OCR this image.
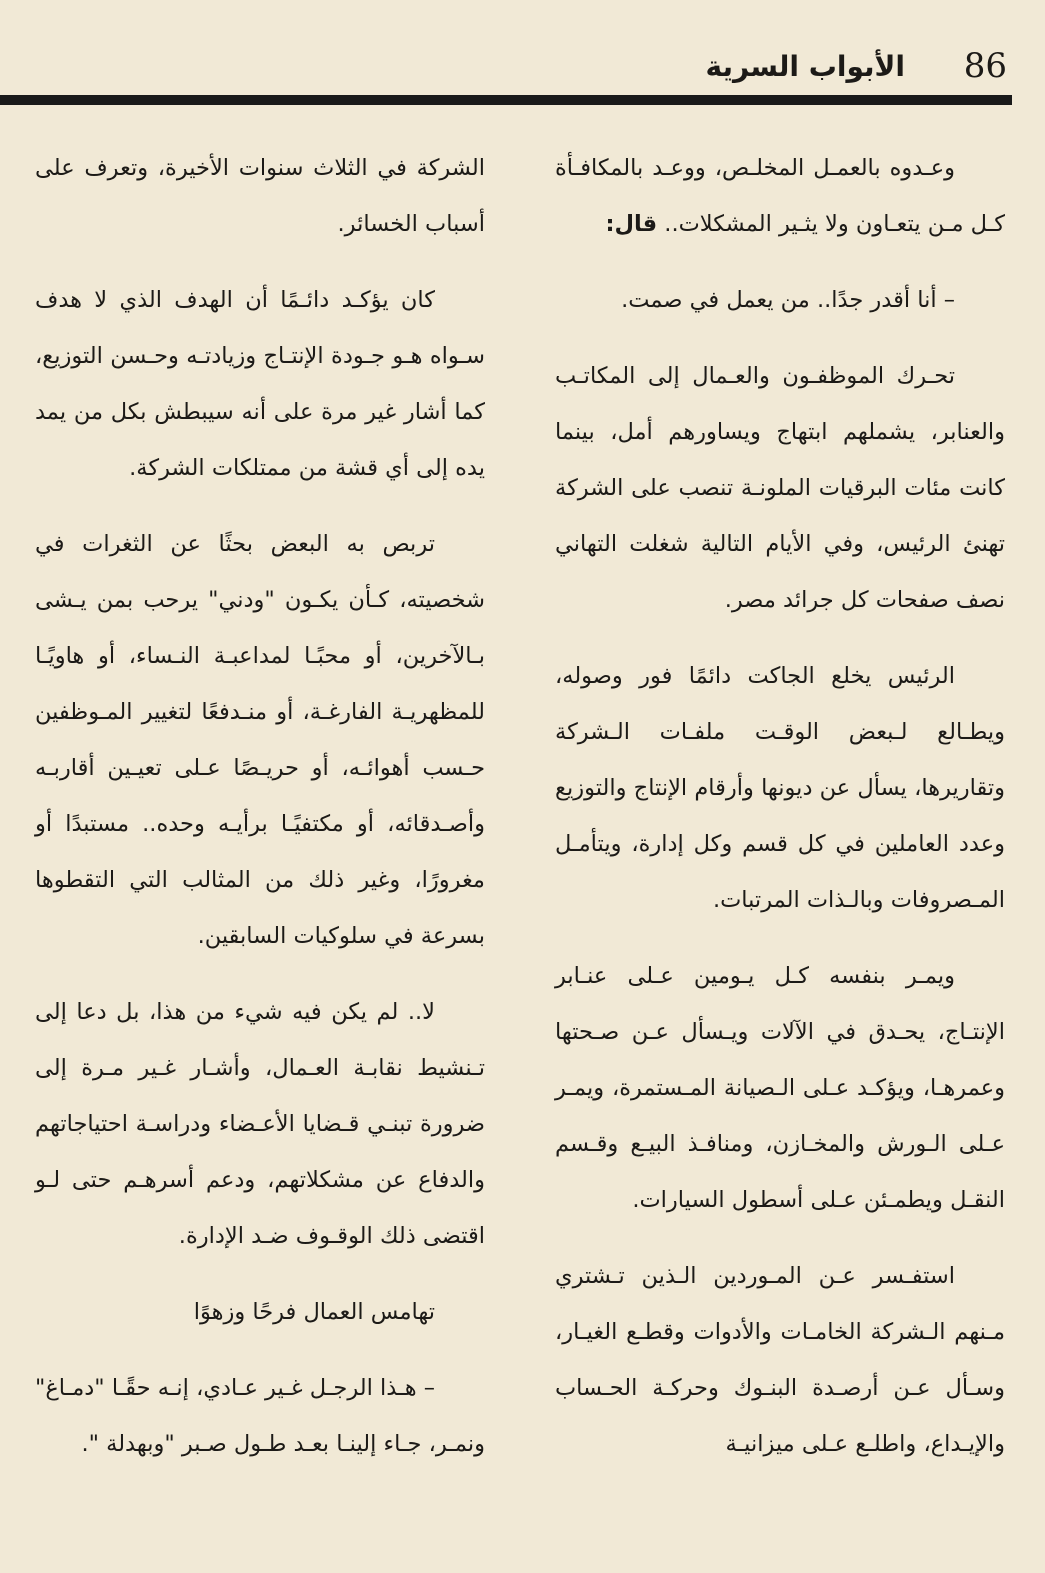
86
الأبواب السرية

وعـدوه بالعمـل المخلـص، ووعـد بالمكافـأة كـل مـن يتعـاون ولا يثـير المشكلات.. قال:

– أنا أقدر جدًا.. من يعمل في صمت.

تحـرك الموظفـون والعـمال إلى المكاتـب والعنابر، يشملهم ابتهاج ويساورهم أمل، بينما كانت مئات البرقيات الملونـة تنصب على الشركة تهنئ الرئيس، وفي الأيام التالية شغلت التهاني نصف صفحات كل جرائد مصر.

الرئيس يخلع الجاكت دائمًا فور وصوله، ويطـالع لـبعض الوقـت ملفـات الـشركة وتقاريرها، يسأل عن ديونها وأرقام الإنتاج والتوزيع وعدد العاملين في كل قسم وكل إدارة، ويتأمـل المـصروفات وبالـذات المرتبات.

ويمـر بنفسه كـل يـومين عـلى عنـابر الإنتـاج، يحـدق في الآلات ويـسأل عـن صـحتها وعمرهـا، ويؤكـد عـلى الـصيانة المـستمرة، ويمـر عـلى الـورش والمخـازن، ومنافـذ البيـع وقـسم النقـل ويطمـئن عـلى أسطول السيارات.

استفـسر عـن المـوردين الـذين تـشتري مـنهم الـشركة الخامـات والأدوات وقطـع الغيـار، وسـأل عـن أرصـدة البنـوك وحركـة الحـساب والإيـداع، واطلـع عـلى ميزانيـة

الشركة في الثلاث سنوات الأخيرة، وتعرف على أسباب الخسائر.

كان يؤكـد دائـمًا أن الهدف الذي لا هدف سـواه هـو جـودة الإنتـاج وزيادتـه وحـسن التوزيع، كما أشار غير مرة على أنه سيبطش بكل من يمد يده إلى أي قشة من ممتلكات الشركة.

تربص به البعض بحثًا عن الثغرات في شخصيته، كـأن يكـون "ودني" يرحب بمن يـشى بـالآخرين، أو محبًـا لمداعبـة النـساء، أو هاويًـا للمظهريـة الفارغـة، أو منـدفعًا لتغيير المـوظفين حـسب أهوائـه، أو حريـصًا عـلى تعيـين أقاربـه وأصـدقائه، أو مكتفيًـا برأيـه وحده.. مستبدًا أو مغرورًا، وغير ذلك من المثالب التي التقطوها بسرعة في سلوكيات السابقين.

لا.. لم يكن فيه شيء من هذا، بل دعا إلى تـنشيط نقابـة العـمال، وأشـار غـير مـرة إلى ضرورة تبنـي قـضايا الأعـضاء ودراسـة احتياجاتهم والدفاع عن مشكلاتهم، ودعم أسرهـم حتى لـو اقتضى ذلك الوقـوف ضـد الإدارة.

تهامس العمال فرحًا وزهوًا

– هـذا الرجـل غـير عـادي، إنـه حقًـا "دمـاغ" ونمـر، جـاء إلينـا بعـد طـول صـبر "وبهدلة ".
